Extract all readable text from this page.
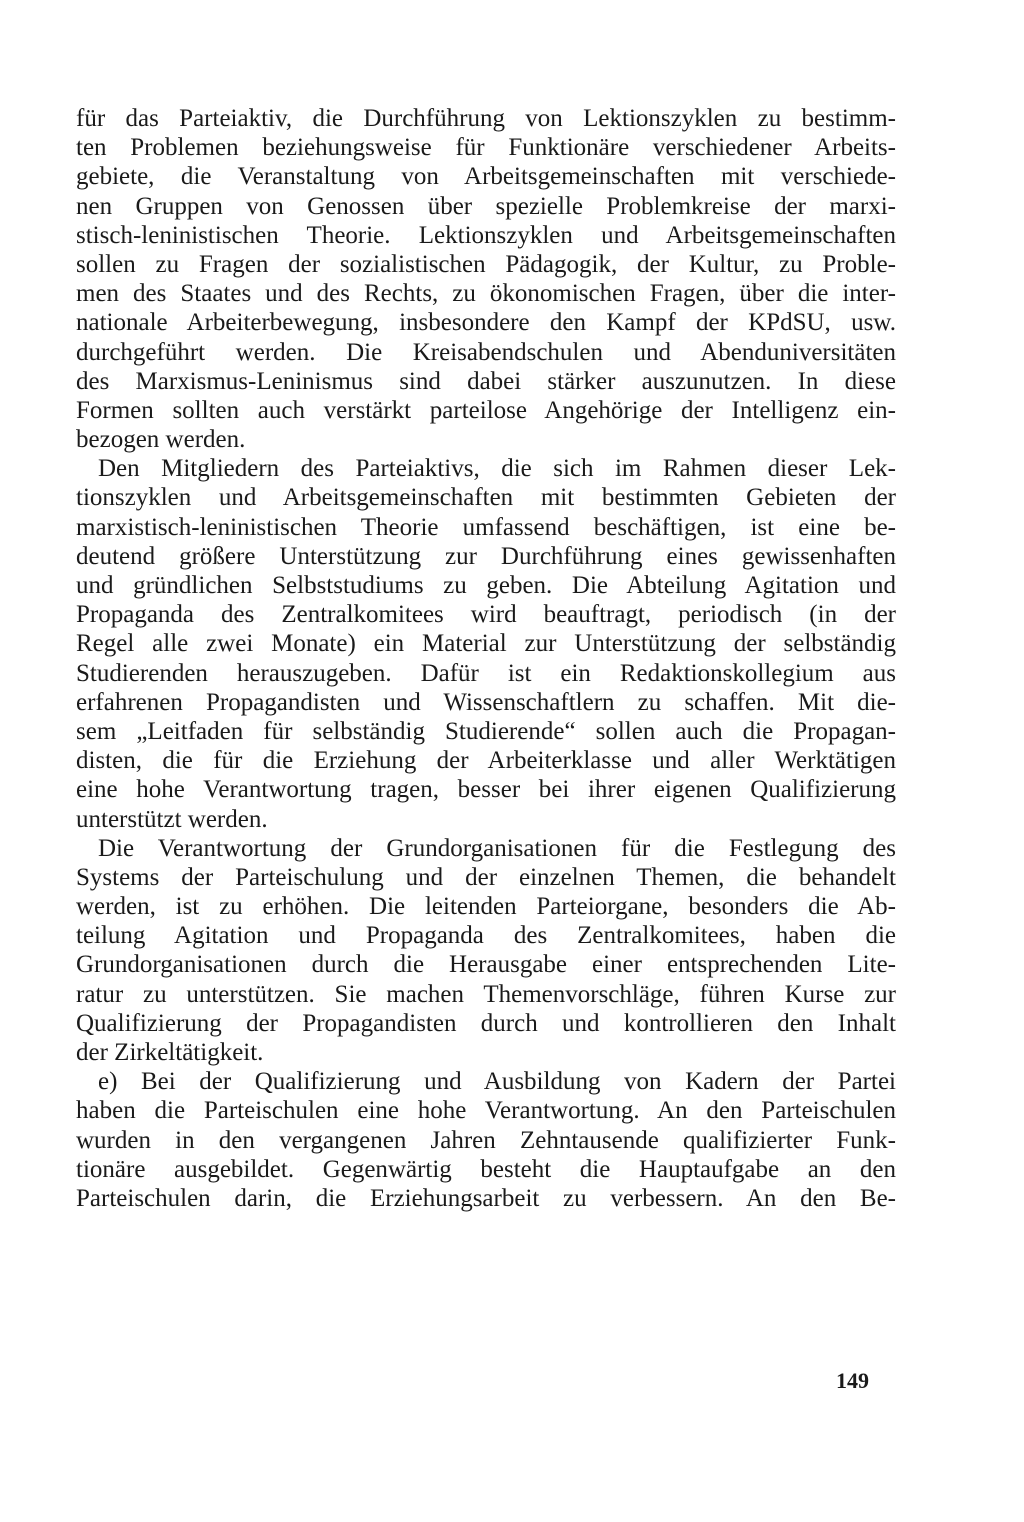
für das Parteiaktiv, die Durchführung von Lektionszyklen zu bestimm-
ten Problemen beziehungsweise für Funktionäre verschiedener Arbeits-
gebiete, die Veranstaltung von Arbeitsgemeinschaften mit verschiede-
nen Gruppen von Genossen über spezielle Problemkreise der marxi-
stisch-leninistischen Theorie. Lektionszyklen und Arbeitsgemeinschaften
sollen zu Fragen der sozialistischen Pädagogik, der Kultur, zu Proble-
men des Staates und des Rechts, zu ökonomischen Fragen, über die inter-
nationale Arbeiterbewegung, insbesondere den Kampf der KPdSU, usw.
durchgeführt werden. Die Kreisabendschulen und Abenduniversitäten
des Marxismus-Leninismus sind dabei stärker auszunutzen. In diese
Formen sollten auch verstärkt parteilose Angehörige der Intelligenz ein-
bezogen werden.
Den Mitgliedern des Parteiaktivs, die sich im Rahmen dieser Lek-
tionszyklen und Arbeitsgemeinschaften mit bestimmten Gebieten der
marxistisch-leninistischen Theorie umfassend beschäftigen, ist eine be-
deutend größere Unterstützung zur Durchführung eines gewissenhaften
und gründlichen Selbststudiums zu geben. Die Abteilung Agitation und
Propaganda des Zentralkomitees wird beauftragt, periodisch (in der
Regel alle zwei Monate) ein Material zur Unterstützung der selbständig
Studierenden herauszugeben. Dafür ist ein Redaktionskollegium aus
erfahrenen Propagandisten und Wissenschaftlern zu schaffen. Mit die-
sem „Leitfaden für selbständig Studierende“ sollen auch die Propagan-
disten, die für die Erziehung der Arbeiterklasse und aller Werktätigen
eine hohe Verantwortung tragen, besser bei ihrer eigenen Qualifizierung
unterstützt werden.
Die Verantwortung der Grundorganisationen für die Festlegung des
Systems der Parteischulung und der einzelnen Themen, die behandelt
werden, ist zu erhöhen. Die leitenden Parteiorgane, besonders die Ab-
teilung Agitation und Propaganda des Zentralkomitees, haben die
Grundorganisationen durch die Herausgabe einer entsprechenden Lite-
ratur zu unterstützen. Sie machen Themenvorschläge, führen Kurse zur
Qualifizierung der Propagandisten durch und kontrollieren den Inhalt
der Zirkeltätigkeit.
e) Bei der Qualifizierung und Ausbildung von Kadern der Partei
haben die Parteischulen eine hohe Verantwortung. An den Parteischulen
wurden in den vergangenen Jahren Zehntausende qualifizierter Funk-
tionäre ausgebildet. Gegenwärtig besteht die Hauptaufgabe an den
Parteischulen darin, die Erziehungsarbeit zu verbessern. An den Be-
149
